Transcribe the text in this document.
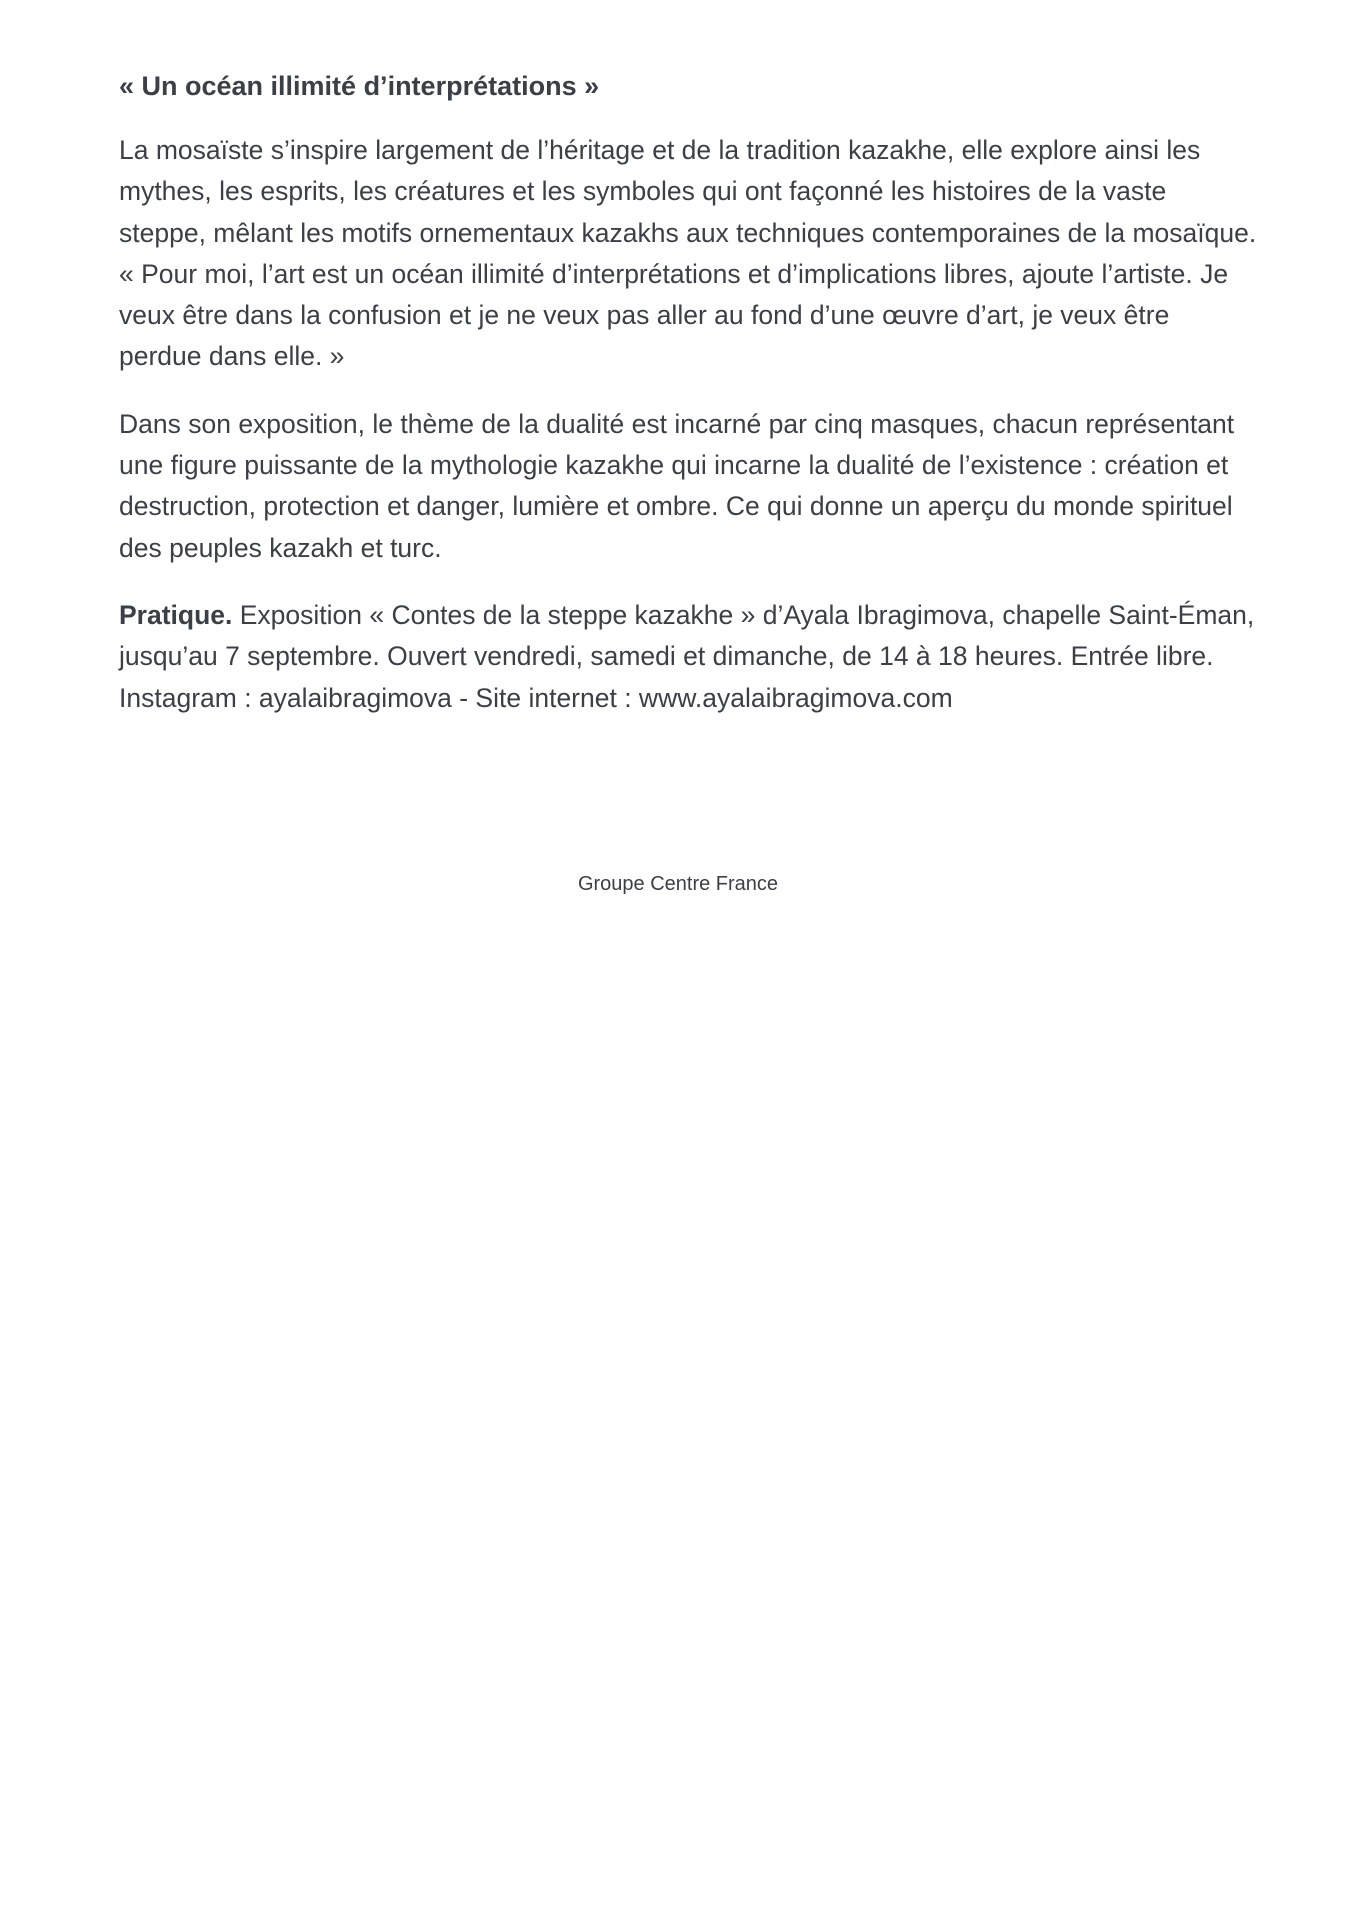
« Un océan illimité d’interprétations »

La mosaïste s’inspire largement de l’héritage et de la tradition kazakhe, elle explore ainsi les mythes, les esprits, les créatures et les symboles qui ont façonné les histoires de la vaste steppe, mêlant les motifs ornementaux kazakhs aux techniques contemporaines de la mosaïque. « Pour moi, l’art est un océan illimité d’interprétations et d’implications libres, ajoute l’artiste. Je veux être dans la confusion et je ne veux pas aller au fond d’une œuvre d’art, je veux être perdue dans elle. »

Dans son exposition, le thème de la dualité est incarné par cinq masques, chacun représentant une figure puissante de la mythologie kazakhe qui incarne la dualité de l’existence : création et destruction, protection et danger, lumière et ombre. Ce qui donne un aperçu du monde spirituel des peuples kazakh et turc.

Pratique. Exposition « Contes de la steppe kazakhe » d’Ayala Ibragimova, chapelle Saint-Éman, jusqu’au 7 septembre. Ouvert vendredi, samedi et dimanche, de 14 à 18 heures. Entrée libre. Instagram : ayalaibragimova - Site internet : www.ayalaibragimova.com

Groupe Centre France
